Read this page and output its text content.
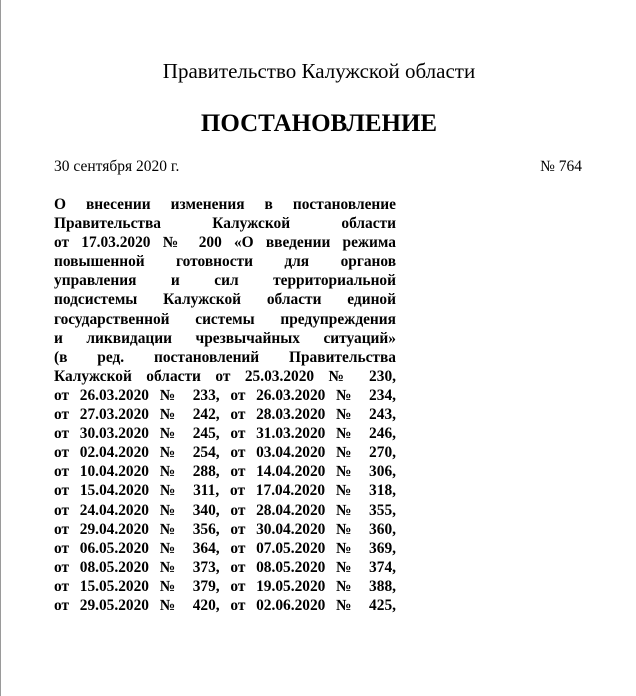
Правительство Калужской области
ПОСТАНОВЛЕНИЕ
30 сентября 2020 г.	№ 764
О внесении изменения в постановление
Правительства Калужской области
от 17.03.2020 № 200 «О введении режима
повышенной готовности для органов
управления и сил территориальной
подсистемы Калужской области единой
государственной системы предупреждения
и ликвидации чрезвычайных ситуаций»
(в ред. постановлений Правительства
Калужской области от 25.03.2020 № 230,
от 26.03.2020 № 233, от 26.03.2020 № 234,
от 27.03.2020 № 242, от 28.03.2020 № 243,
от 30.03.2020 № 245, от 31.03.2020 № 246,
от 02.04.2020 № 254, от 03.04.2020 № 270,
от 10.04.2020 № 288, от 14.04.2020 № 306,
от 15.04.2020 № 311, от 17.04.2020 № 318,
от 24.04.2020 № 340, от 28.04.2020 № 355,
от 29.04.2020 № 356, от 30.04.2020 № 360,
от 06.05.2020 № 364, от 07.05.2020 № 369,
от 08.05.2020 № 373, от 08.05.2020 № 374,
от 15.05.2020 № 379, от 19.05.2020 № 388,
от 29.05.2020 № 420, от 02.06.2020 № 425,
